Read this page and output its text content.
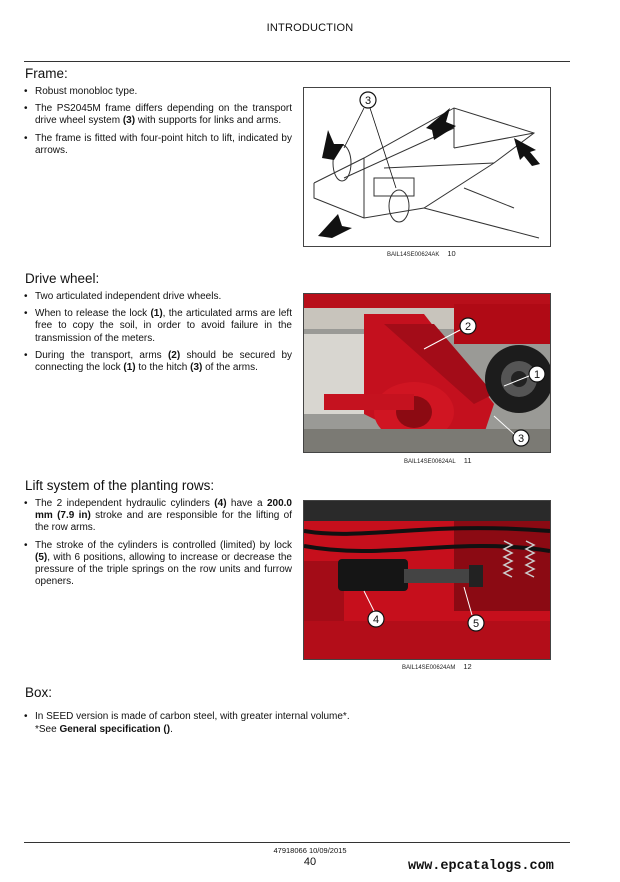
INTRODUCTION
Frame:
• Robust monobloc type.
• The PS2045M frame differs depending on the transport drive wheel system (3) with supports for links and arms.
• The frame is fitted with four-point hitch to lift, indicated by arrows.
3
BAIL14SE00624AK 10
Drive wheel:
• Two articulated independent drive wheels.
• When to release the lock (1), the articulated arms are left free to copy the soil, in order to avoid failure in the transmission of the meters.
• During the transport, arms (2) should be secured by connecting the lock (1) to the hitch (3) of the arms.
2
1
3
BAIL14SE00624AL 11
Lift system of the planting rows:
• The 2 independent hydraulic cylinders (4) have a 200.0 mm (7.9 in) stroke and are responsible for the lifting of the row arms.
• The stroke of the cylinders is controlled (limited) by lock (5), with 6 positions, allowing to increase or decrease the pressure of the triple springs on the row units and furrow openers.
4	5
BAIL14SE00624AM 12
Box:
• In SEED version is made of carbon steel, with greater internal volume*.
*See General specification ().
47918066 10/09/2015
40	www.epcatalogs.com
